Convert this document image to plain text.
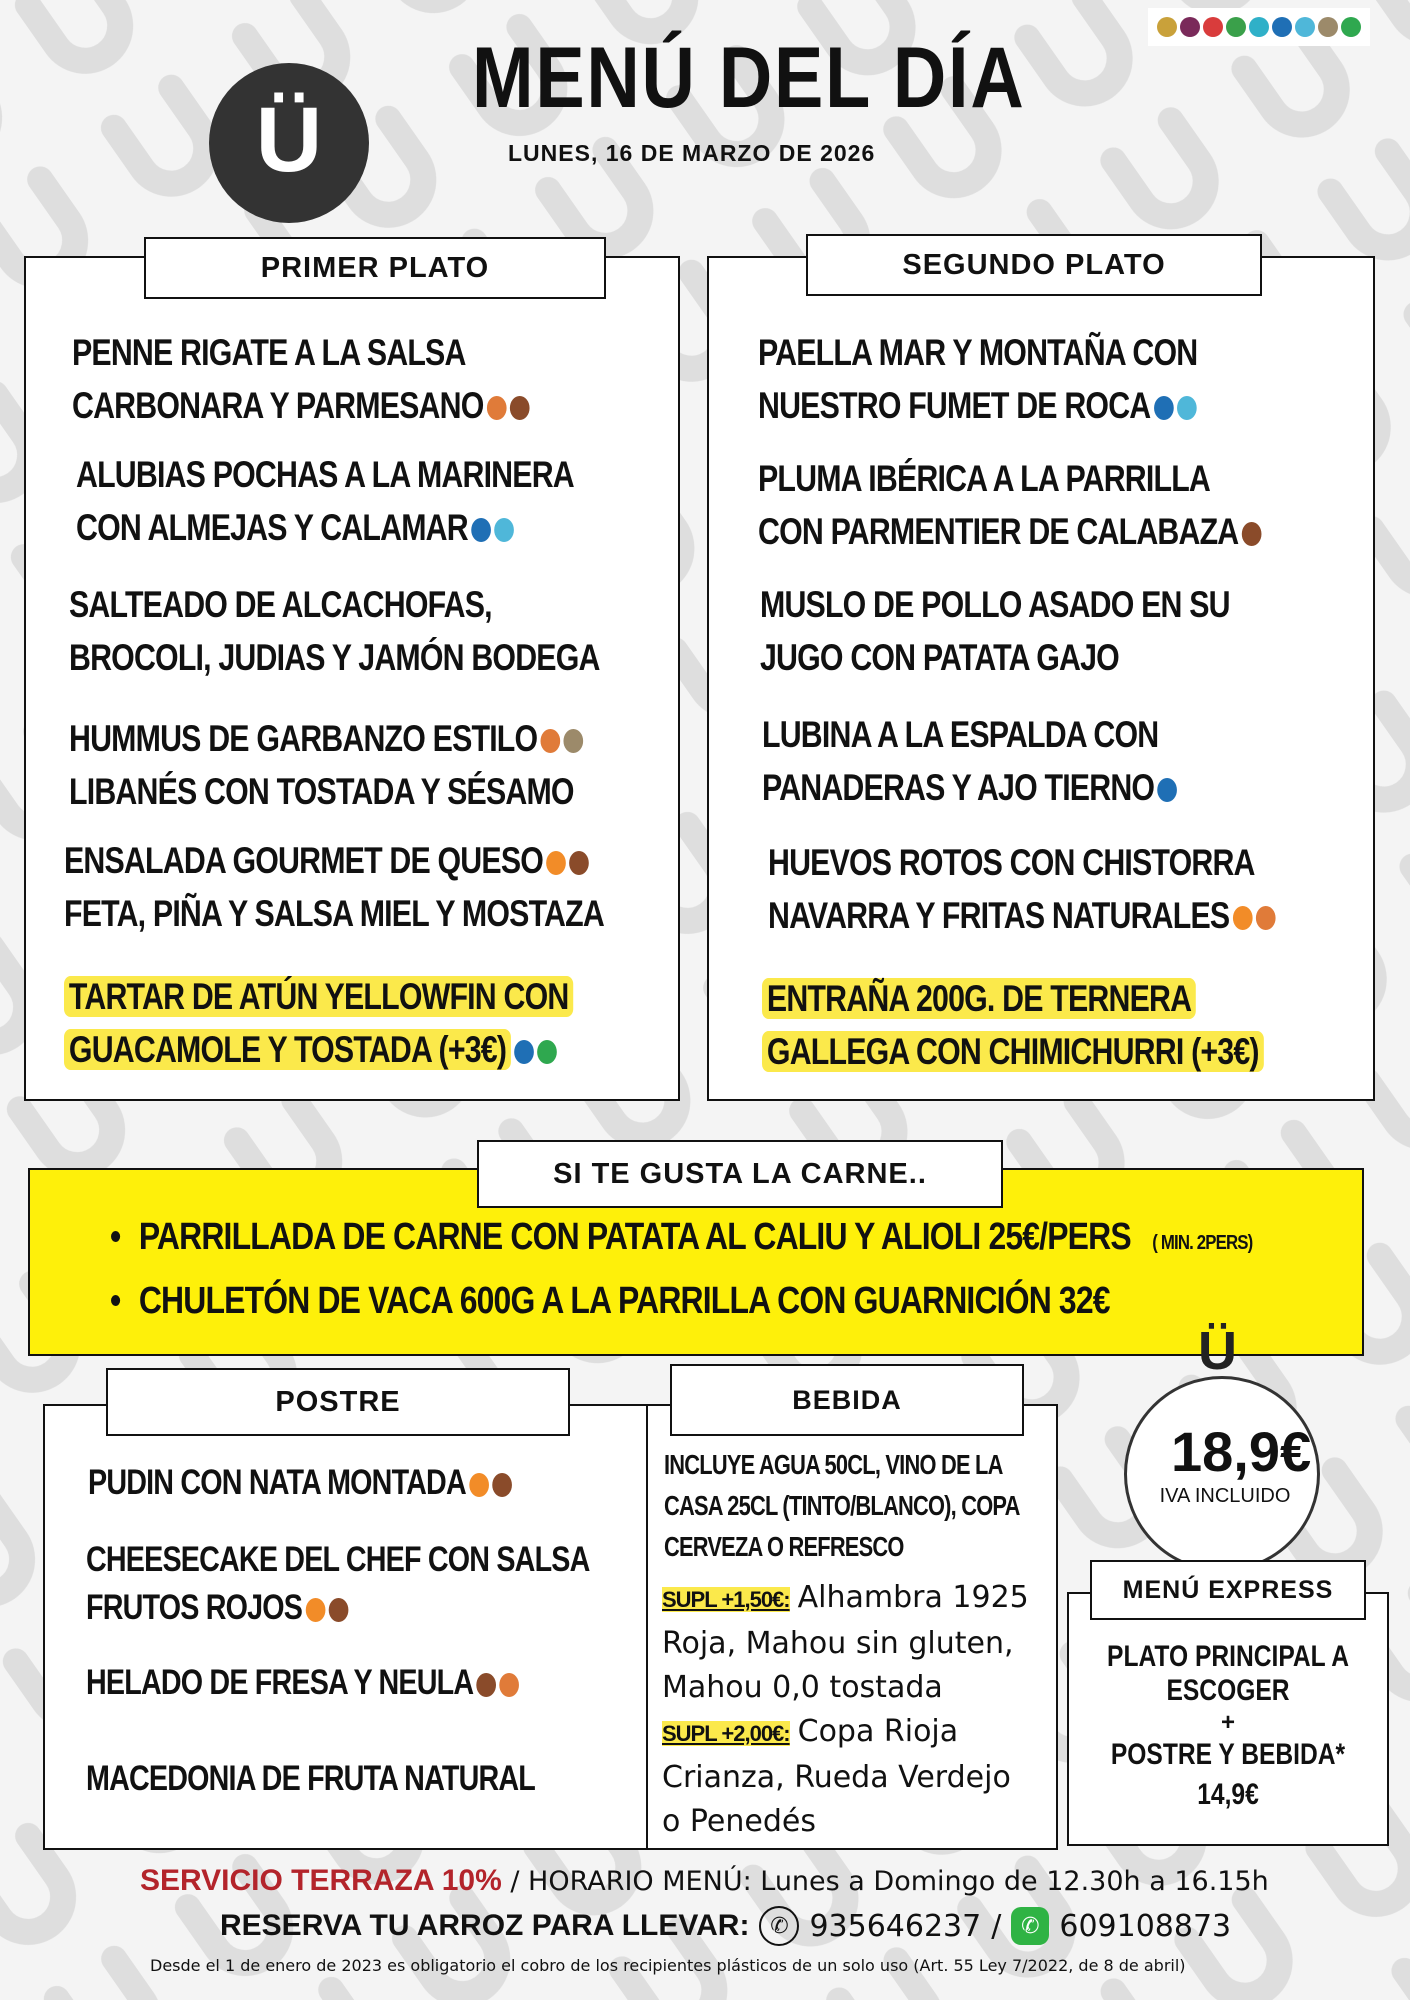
Ü
MENÚ DEL DÍA
LUNES, 16 DE MARZO DE 2026
PRIMER PLATO
PENNE RIGATE A LA SALSA
CARBONARA Y PARMESANO
ALUBIAS POCHAS A LA MARINERA
CON ALMEJAS Y CALAMAR
SALTEADO DE ALCACHOFAS,
BROCOLI, JUDIAS Y JAMÓN BODEGA
HUMMUS DE GARBANZO ESTILO
LIBANÉS CON TOSTADA Y SÉSAMO
ENSALADA GOURMET DE QUESO
FETA, PIÑA Y SALSA MIEL Y MOSTAZA
TARTAR DE ATÚN YELLOWFIN CON
GUACAMOLE Y TOSTADA (+3€)
SEGUNDO PLATO
PAELLA MAR Y MONTAÑA CON
NUESTRO FUMET DE ROCA
PLUMA IBÉRICA A LA PARRILLA
CON PARMENTIER DE CALABAZA
MUSLO DE POLLO ASADO EN SU
JUGO CON PATATA GAJO
LUBINA A LA ESPALDA CON
PANADERAS Y AJO TIERNO
HUEVOS ROTOS CON CHISTORRA
NAVARRA Y FRITAS NATURALES
ENTRAÑA 200G. DE TERNERA
GALLEGA CON CHIMICHURRI (+3€)
SI TE GUSTA LA CARNE..
• PARRILLADA DE CARNE CON PATATA AL CALIU Y ALIOLI 25€/PERS ( MIN. 2PERS)
• CHULETÓN DE VACA 600G A LA PARRILLA CON GUARNICIÓN 32€
POSTRE
PUDIN CON NATA MONTADA
CHEESECAKE DEL CHEF CON SALSA
FRUTOS ROJOS
HELADO DE FRESA Y NEULA
MACEDONIA DE FRUTA NATURAL
BEBIDA
INCLUYE AGUA 50CL, VINO DE LA
CASA 25CL (TINTO/BLANCO), COPA
CERVEZA O REFRESCO
SUPL +1,50€: Alhambra 1925
Roja, Mahou sin gluten,
Mahou 0,0 tostada
SUPL +2,00€: Copa Rioja
Crianza, Rueda Verdejo
o Penedés
Ü
18,9€
IVA INCLUIDO
MENÚ EXPRESS
PLATO PRINCIPAL A
ESCOGER
+
POSTRE Y BEBIDA*
14,9€
SERVICIO TERRAZA 10% / HORARIO MENÚ: Lunes a Domingo de 12.30h a 16.15h
RESERVA TU ARROZ PARA LLEVAR: ✆ 935646237 / ✆ 609108873
Desde el 1 de enero de 2023 es obligatorio el cobro de los recipientes plásticos de un solo uso (Art. 55 Ley 7/2022, de 8 de abril)
